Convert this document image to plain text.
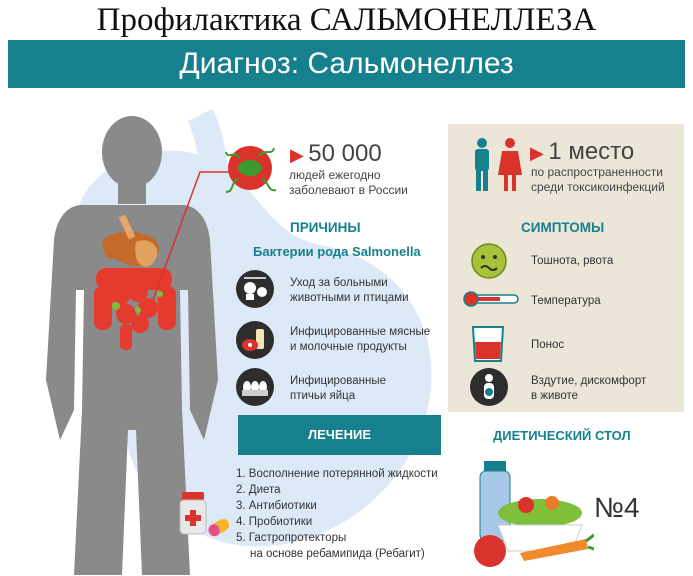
Профилактика САЛЬМОНЕЛЛЕЗА
Диагноз: Сальмонеллез
▶ 50 000
людей ежегодно
заболевают в России
▶ 1 место
по распространенности
среди токсикоинфекций
ПРИЧИНЫ
Бактерии рода Salmonella
Уход за больными
животными и птицами
Инфицированные мясные
и молочные продукты
Инфицированные
птичьи яйца
СИМПТОМЫ
Тошнота, рвота
Температура
Понос
Вздутие, дискомфорт
в животе
ЛЕЧЕНИЕ
1. Восполнение потерянной жидкости
2. Диета
3. Антибиотики
4. Пробиотики
5. Гастропротекторы
на основе ребамипида (Ребагит)
ДИЕТИЧЕСКИЙ СТОЛ
№4
